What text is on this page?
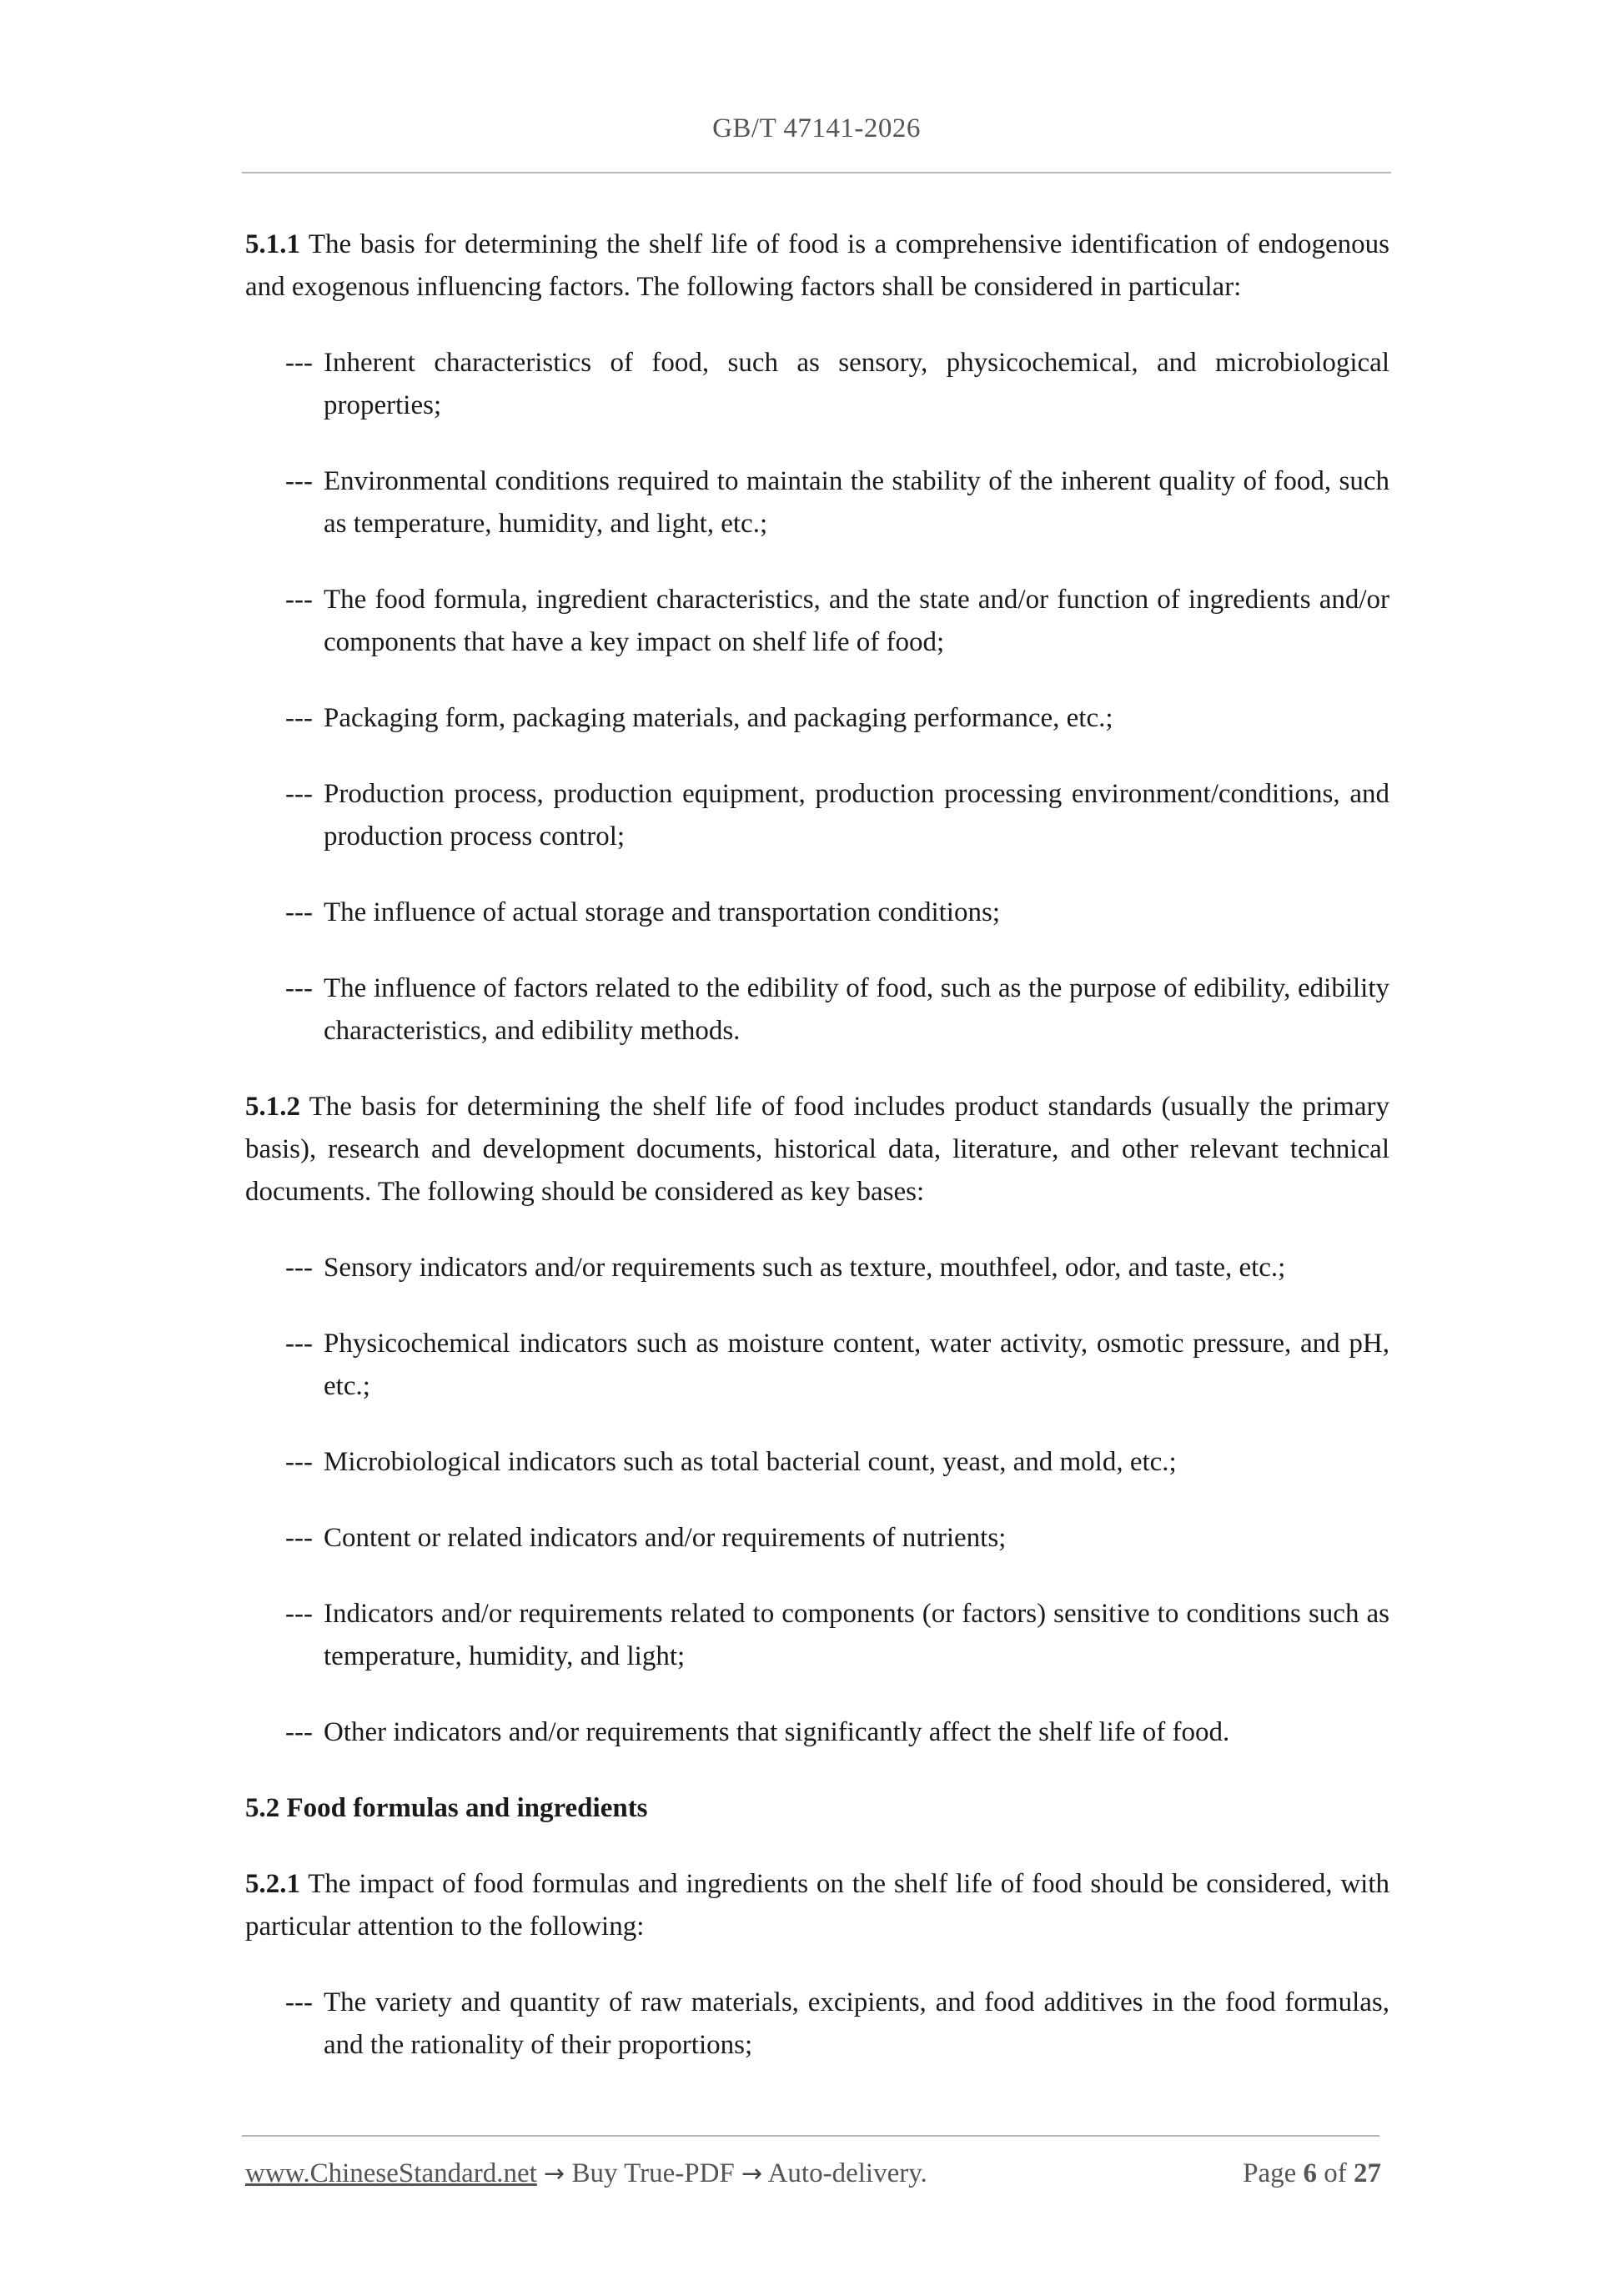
GB/T 47141-2026

5.1.1 The basis for determining the shelf life of food is a comprehensive identification of endogenous and exogenous influencing factors. The following factors shall be considered in particular:

--- Inherent characteristics of food, such as sensory, physicochemical, and microbiological properties;
--- Environmental conditions required to maintain the stability of the inherent quality of food, such as temperature, humidity, and light, etc.;
--- The food formula, ingredient characteristics, and the state and/or function of ingredients and/or components that have a key impact on shelf life of food;
--- Packaging form, packaging materials, and packaging performance, etc.;
--- Production process, production equipment, production processing environment/conditions, and production process control;
--- The influence of actual storage and transportation conditions;
--- The influence of factors related to the edibility of food, such as the purpose of edibility, edibility characteristics, and edibility methods.

5.1.2 The basis for determining the shelf life of food includes product standards (usually the primary basis), research and development documents, historical data, literature, and other relevant technical documents. The following should be considered as key bases:

--- Sensory indicators and/or requirements such as texture, mouthfeel, odor, and taste, etc.;
--- Physicochemical indicators such as moisture content, water activity, osmotic pressure, and pH, etc.;
--- Microbiological indicators such as total bacterial count, yeast, and mold, etc.;
--- Content or related indicators and/or requirements of nutrients;
--- Indicators and/or requirements related to components (or factors) sensitive to conditions such as temperature, humidity, and light;
--- Other indicators and/or requirements that significantly affect the shelf life of food.

5.2 Food formulas and ingredients

5.2.1 The impact of food formulas and ingredients on the shelf life of food should be considered, with particular attention to the following:

--- The variety and quantity of raw materials, excipients, and food additives in the food formulas, and the rationality of their proportions;
www.ChineseStandard.net → Buy True-PDF → Auto-delivery.	Page 6 of 27
